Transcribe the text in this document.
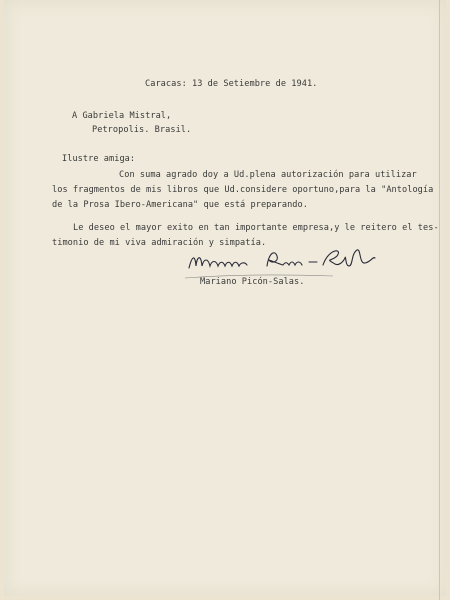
Caracas: 13 de Setiembre de 1941.
A Gabriela Mistral,
Petropolis. Brasil.
Ilustre amiga:
Con suma agrado doy a Ud.plena autorización para utilizar
los fragmentos de mis libros que Ud.considere oportuno,para la "Antología
de la Prosa Ibero-Americana" que está preparando.
Le deseo el mayor exito en tan importante empresa,y le reitero el tes-
timonio de mi viva admiración y simpatía.
Mariano Picón-Salas.
